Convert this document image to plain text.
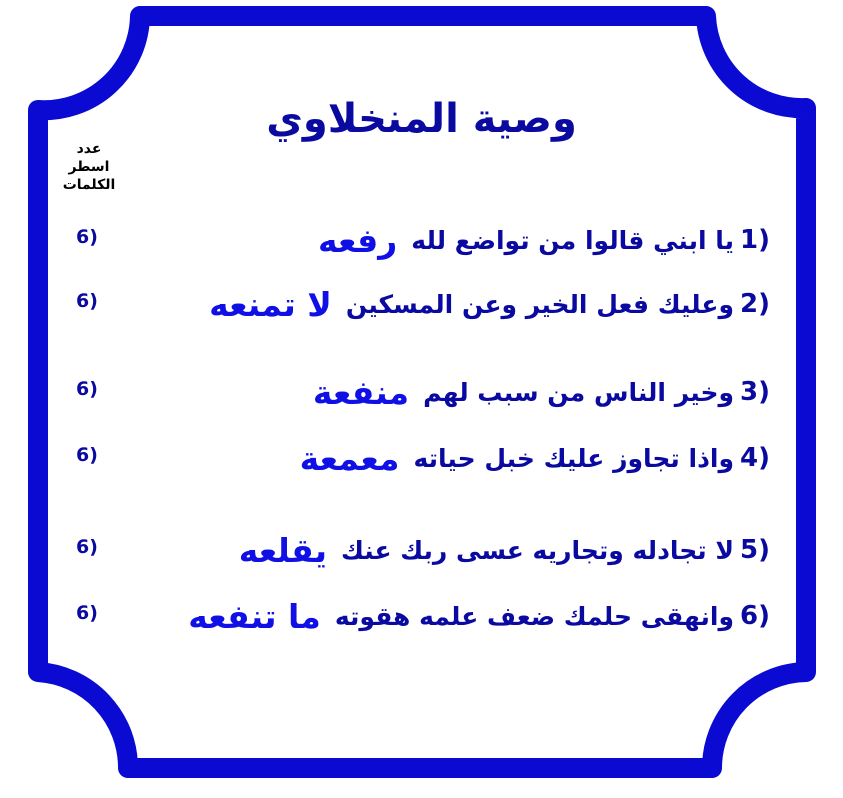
وصية المنخلاوي
عدد
اسطر
الكلمات
1)
يا ابني قالوا من تواضع لله
رفعه
6)
2)
وعليك فعل الخير وعن المسكين
لا تمنعه
6)
3)
وخير الناس من سبب لهم
منفعة
6)
4)
واذا تجاوز عليك خبل حياته
معمعة
6)
5)
لا تجادله وتجاريه عسى ربك عنك
يقلعه
6)
6)
وانهقى حلمك ضعف علمه هقوته
ما تنفعه
6)
